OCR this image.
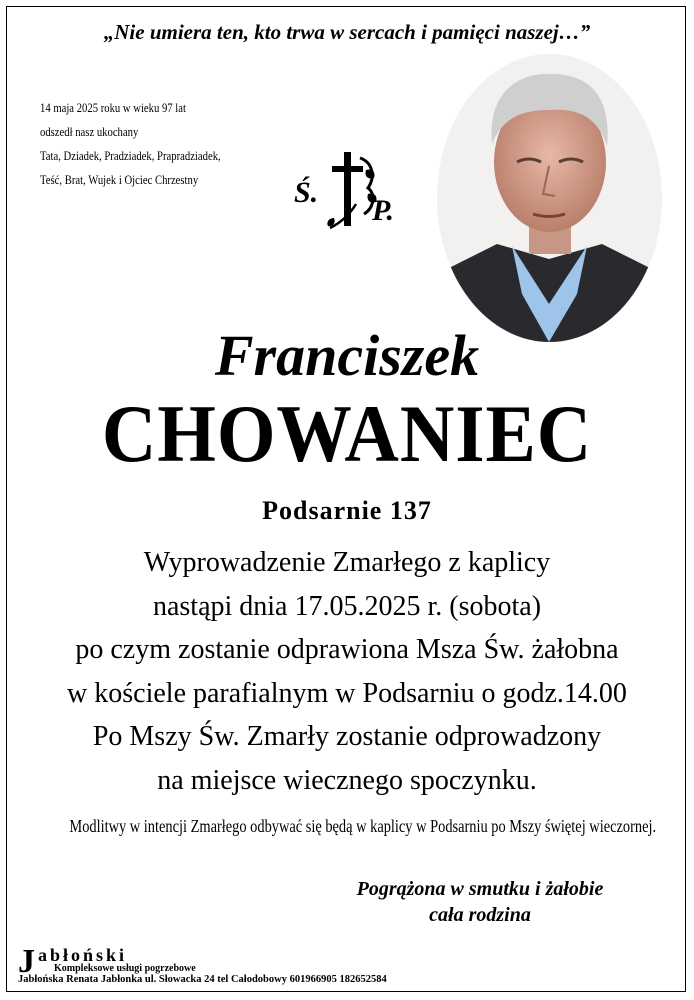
„Nie umiera ten, kto trwa w sercach i pamięci naszej…”
14 maja 2025 roku w wieku 97 lat
odszedł nasz ukochany
Tata, Dziadek, Pradziadek, Prapradziadek,
Teść, Brat, Wujek i Ojciec Chrzestny	Ś.
P.
Franciszek
CHOWANIEC
Podsarnie 137
Wyprowadzenie Zmarłego z kaplicy
nastąpi dnia 17.05.2025 r. (sobota)
po czym zostanie odprawiona Msza Św. żałobna
w kościele parafialnym w Podsarniu o godz.14.00
Po Mszy Św. Zmarły zostanie odprowadzony
na miejsce wiecznego spoczynku.
Modlitwy w intencji Zmarłego odbywać się będą w kaplicy w Podsarniu po Mszy świętej wieczornej.
Pogrążona w smutku i żałobie
cała rodzina
J abłoński
Kompleksowe usługi pogrzebowe
Jabłońska Renata Jabłonka ul. Słowacka 24 tel Całodobowy 601966905 182652584
